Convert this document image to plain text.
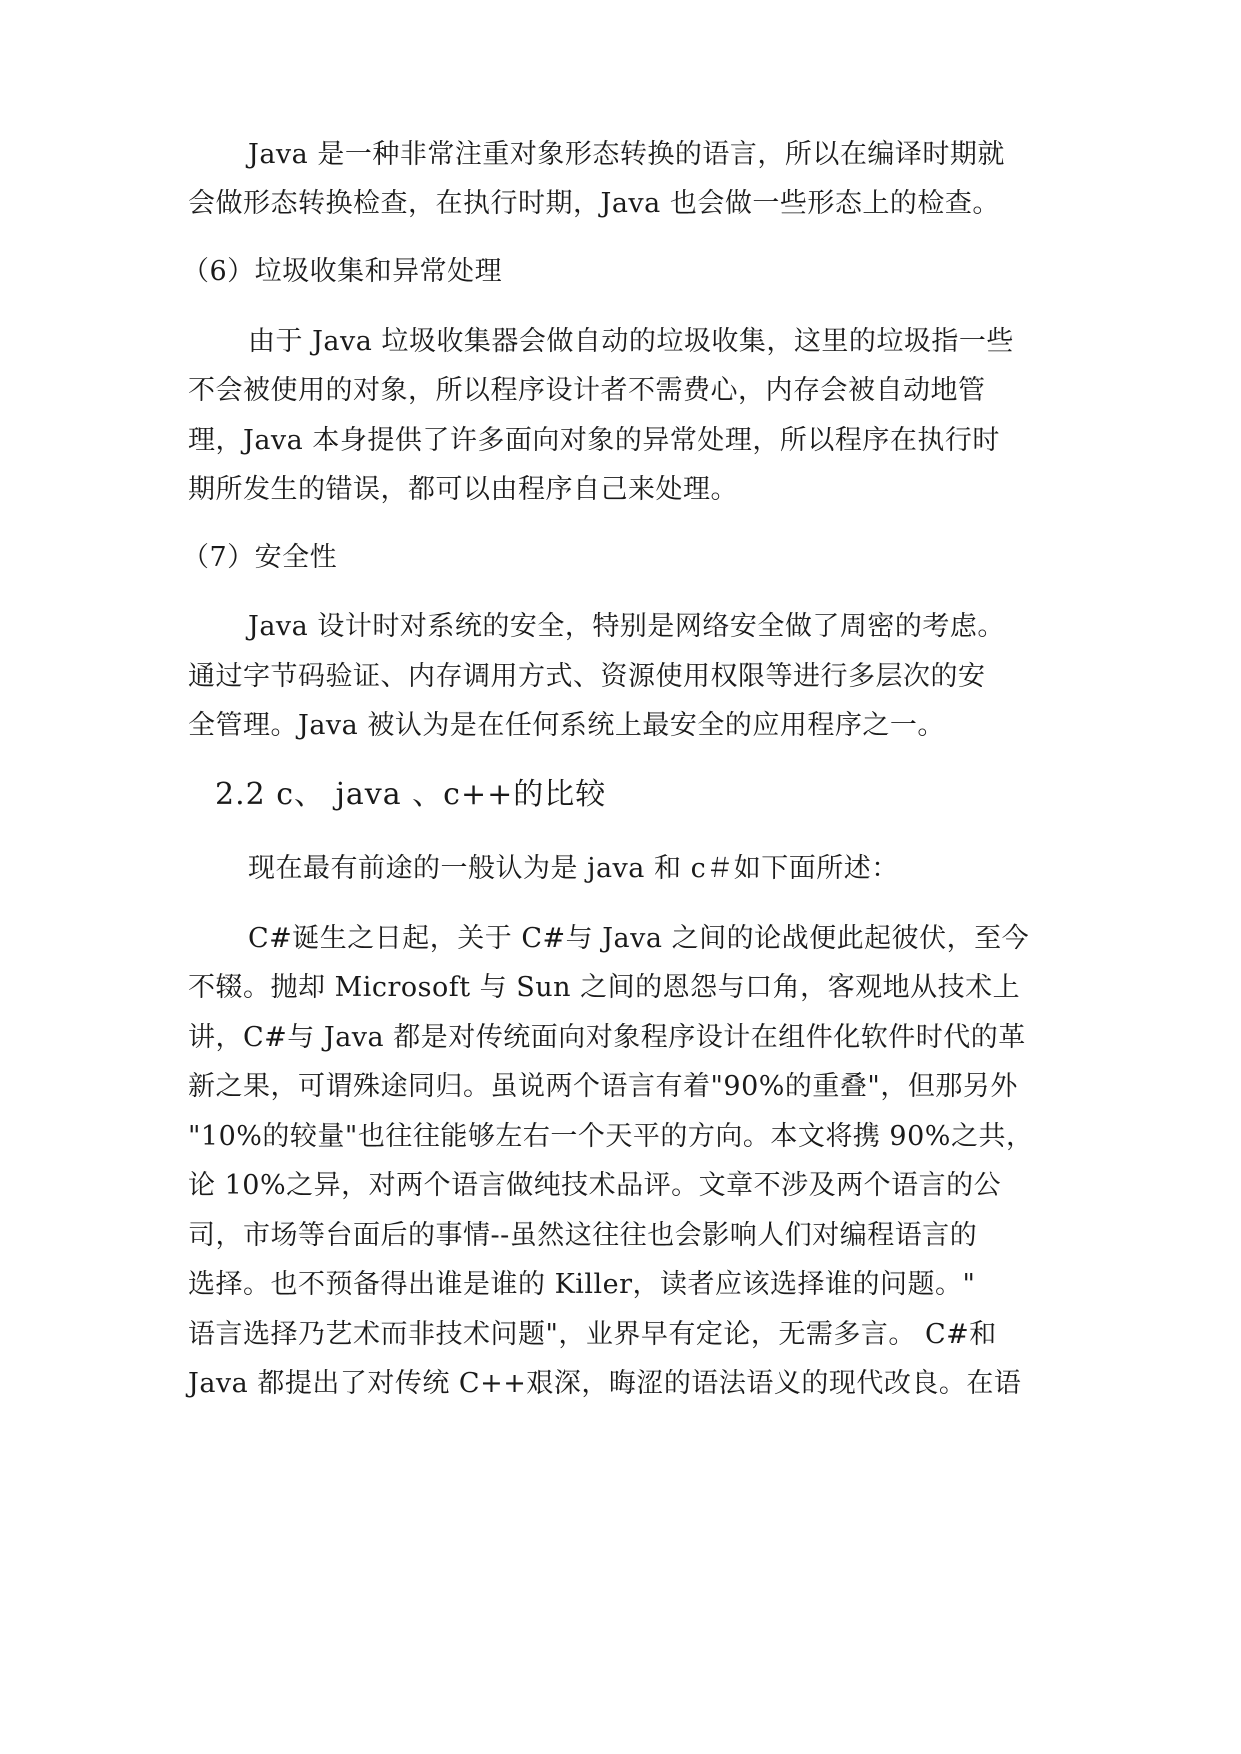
Java 是一种非常注重对象形态转换的语言，所以在编译时期就
会做形态转换检查，在执行时期，Java 也会做一些形态上的检查。
（6）垃圾收集和异常处理
由于 Java 垃圾收集器会做自动的垃圾收集，这里的垃圾指一些
不会被使用的对象，所以程序设计者不需费心，内存会被自动地管
理，Java 本身提供了许多面向对象的异常处理，所以程序在执行时
期所发生的错误，都可以由程序自己来处理。
（7）安全性
Java 设计时对系统的安全，特别是网络安全做了周密的考虑。
通过字节码验证、内存调用方式、资源使用权限等进行多层次的安
全管理。Java 被认为是在任何系统上最安全的应用程序之一。
2.2 c、 java 、c++的比较
现在最有前途的一般认为是 java 和 c＃如下面所述：
C#诞生之日起，关于 C#与 Java 之间的论战便此起彼伏，至今
不辍。抛却 Microsoft 与 Sun 之间的恩怨与口角，客观地从技术上
讲，C#与 Java 都是对传统面向对象程序设计在组件化软件时代的革
新之果，可谓殊途同归。虽说两个语言有着"90%的重叠"，但那另外
"10%的较量"也往往能够左右一个天平的方向。本文将携 90%之共，
论 10%之异，对两个语言做纯技术品评。文章不涉及两个语言的公
司，市场等台面后的事情--虽然这往往也会影响人们对编程语言的
选择。也不预备得出谁是谁的 Killer，读者应该选择谁的问题。"
语言选择乃艺术而非技术问题"，业界早有定论，无需多言。 C#和
Java 都提出了对传统 C++艰深，晦涩的语法语义的现代改良。在语
